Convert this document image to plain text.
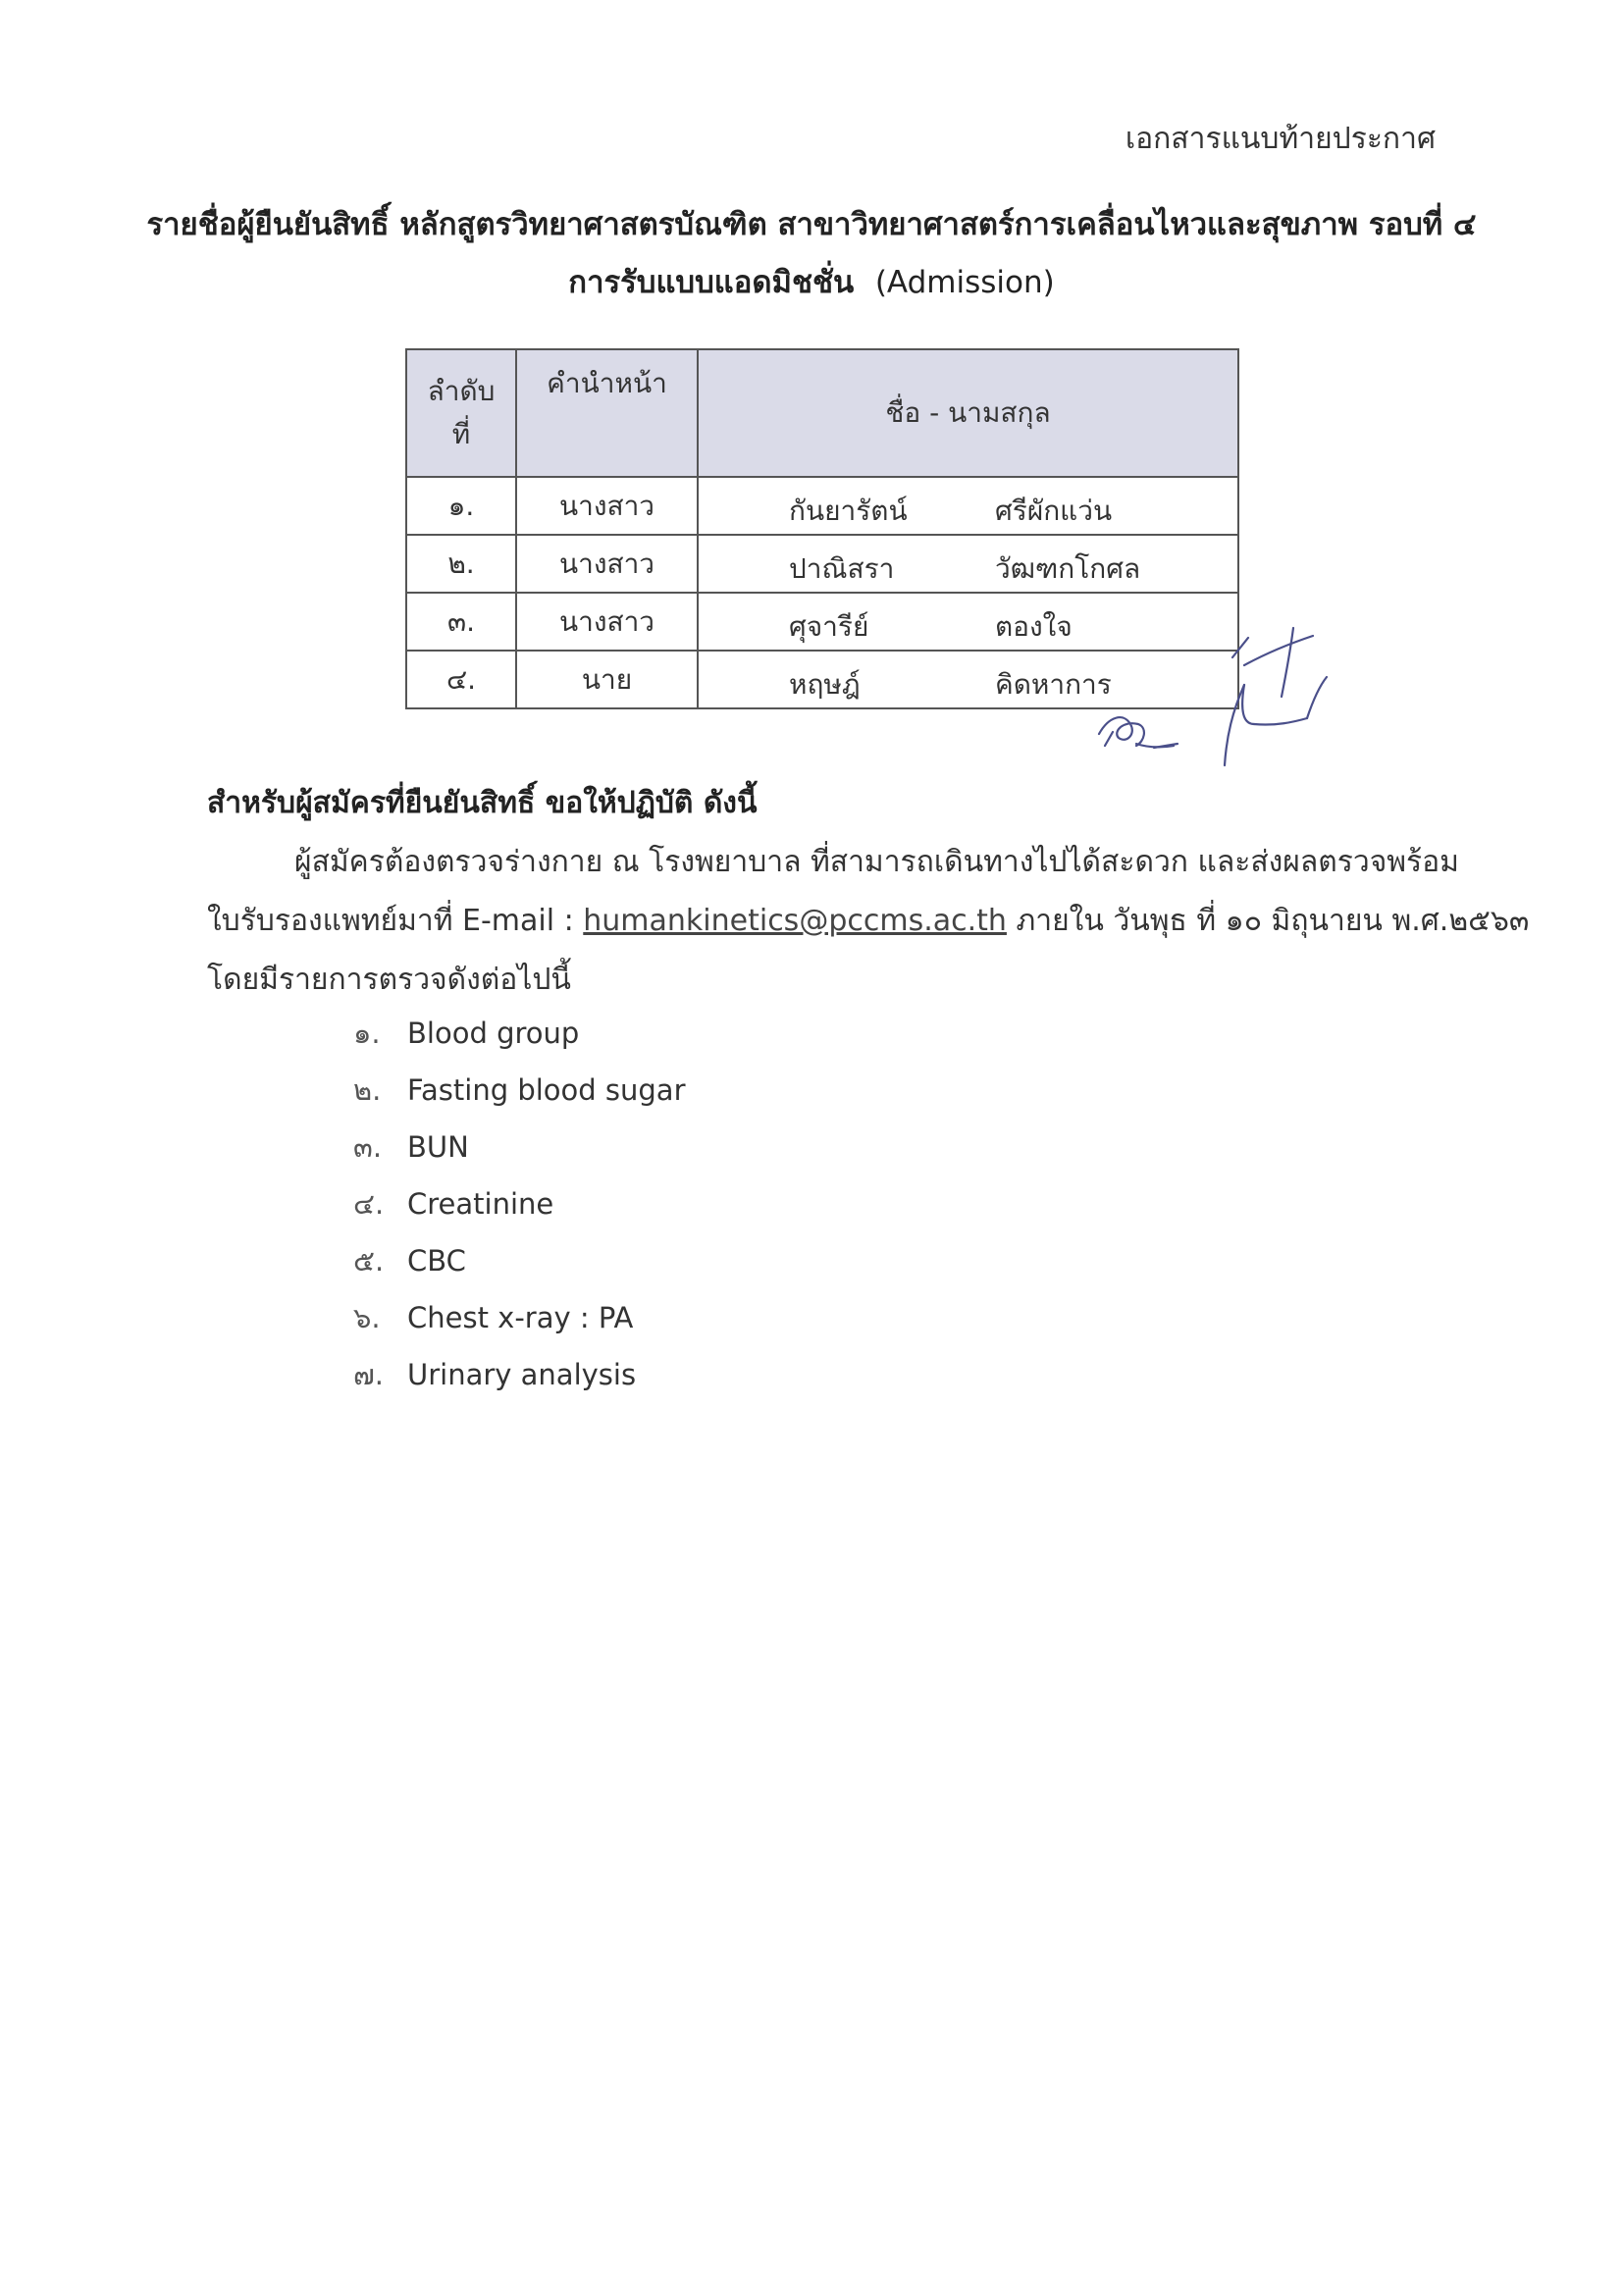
เอกสารแนบท้ายประกาศ
รายชื่อผู้ยืนยันสิทธิ์ หลักสูตรวิทยาศาสตรบัณฑิต สาขาวิทยาศาสตร์การเคลื่อนไหวและสุขภาพ รอบที่ ๔
การรับแบบแอดมิชชั่น (Admission)
ลำดับ
ที่	คำนำหน้า	ชื่อ - นามสกุล
๑.	นางสาว	กันยารัตน์ ศรีผักแว่น

๒.	นางสาว	ปาณิสรา วัฒฑกโกศล

๓.	นางสาว	ศุจารีย์ ตองใจ

๔.	นาย	หฤษฎ์ คิดหาการ
สำหรับผู้สมัครที่ยืนยันสิทธิ์ ขอให้ปฏิบัติ ดังนี้
ผู้สมัครต้องตรวจร่างกาย ณ โรงพยาบาล ที่สามารถเดินทางไปได้สะดวก และส่งผลตรวจพร้อม
ใบรับรองแพทย์มาที่ E-mail : humankinetics@pccms.ac.th ภายใน วันพุธ ที่ ๑๐ มิถุนายน พ.ศ.๒๕๖๓
โดยมีรายการตรวจดังต่อไปนี้
๑. Blood group
๒. Fasting blood sugar
๓. BUN
๔. Creatinine
๕. CBC
๖. Chest x-ray : PA
๗. Urinary analysis
